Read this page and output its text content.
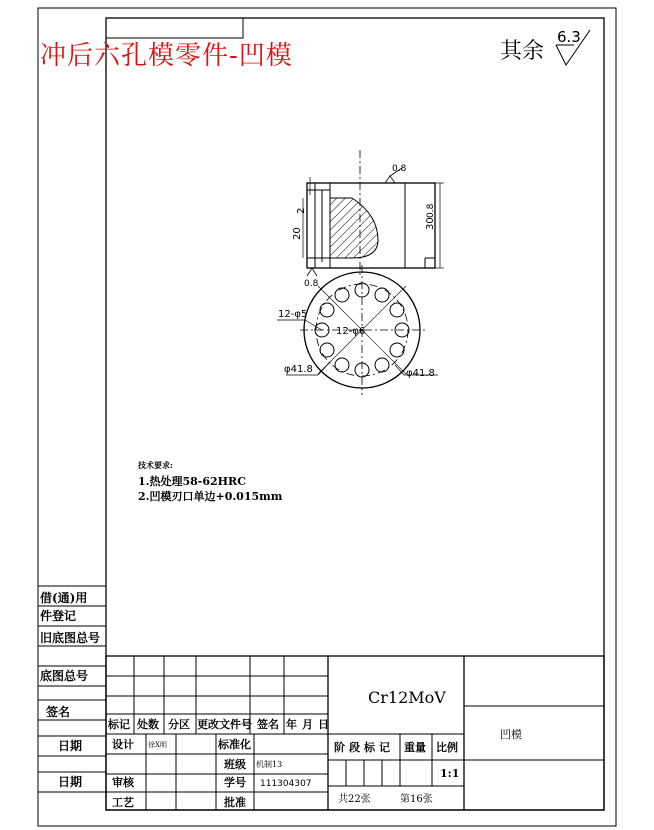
冲后六孔模零件-凹模	其余
6.3
0.8
0.8
30
0.8
20
2
12-φ5
12-φ6
φ41.8	φ41.8
技术要求:
1.热处理58-62HRC
2.凹模刃口单边+0.015mm
借(通)用
件登记
旧底图总号
底图总号
签名
日期
日期
Cr12MoV
凹模
标记 处数 分区 更改文件号 签名 年 月 日
设计 徐X明	标准化
班级 机制13
审核	学号 111304307
工艺	批准
阶段标记 重量 比例
1:1
共22张	第16张
